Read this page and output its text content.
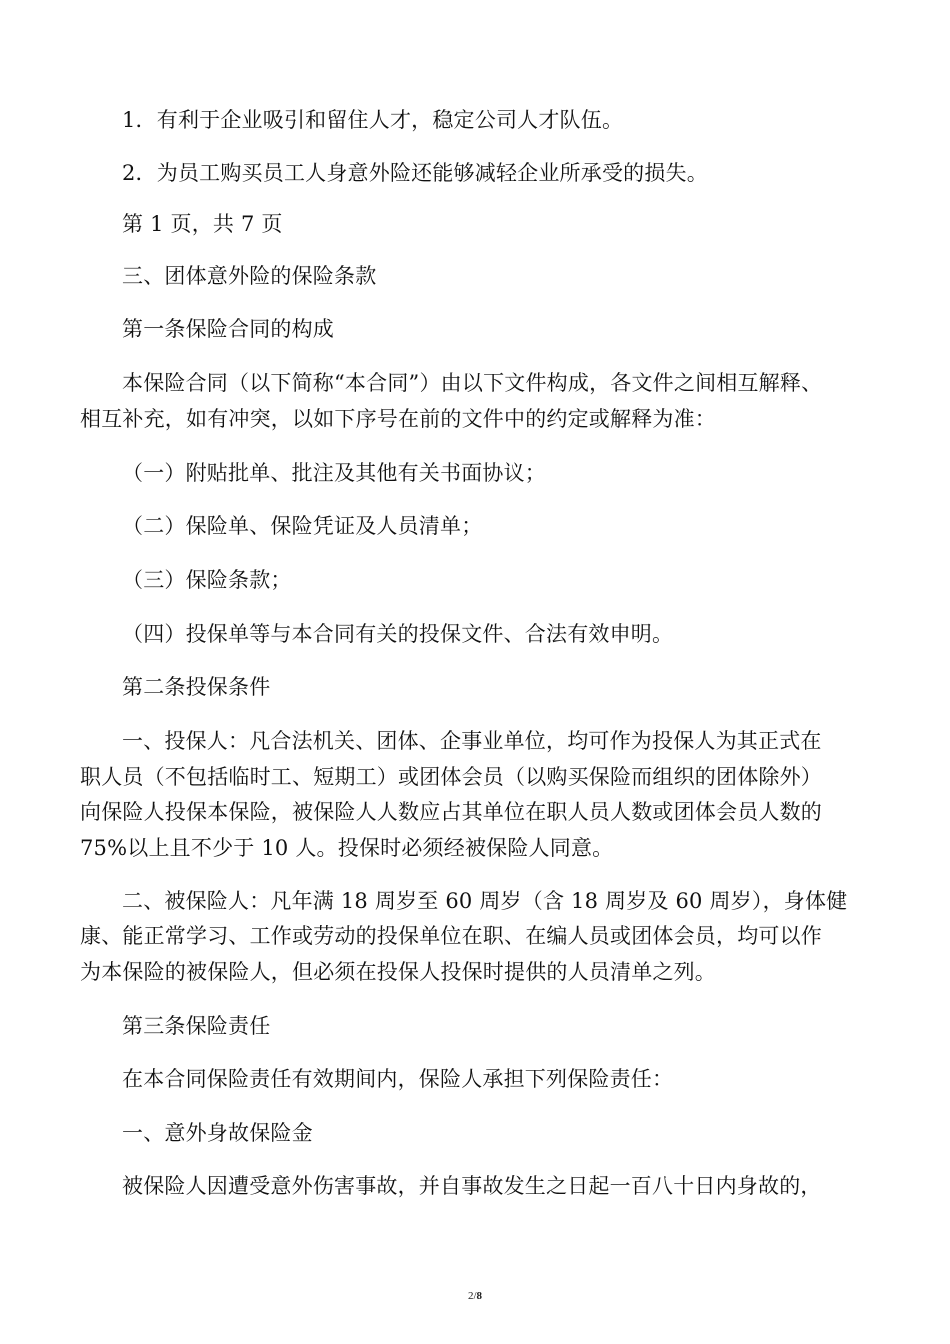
1．有利于企业吸引和留住人才，稳定公司人才队伍。
2．为员工购买员工人身意外险还能够减轻企业所承受的损失。
第 1 页，共 7 页
三、团体意外险的保险条款
第一条保险合同的构成
本保险合同（以下简称“本合同”）由以下文件构成，各文件之间相互解释、
相互补充，如有冲突，以如下序号在前的文件中的约定或解释为准：
（一）附贴批单、批注及其他有关书面协议；
（二）保险单、保险凭证及人员清单；
（三）保险条款；
（四）投保单等与本合同有关的投保文件、合法有效申明。
第二条投保条件
一、投保人：凡合法机关、团体、企事业单位，均可作为投保人为其正式在
职人员（不包括临时工、短期工）或团体会员（以购买保险而组织的团体除外）
向保险人投保本保险，被保险人人数应占其单位在职人员人数或团体会员人数的
75%以上且不少于 10 人。投保时必须经被保险人同意。
二、被保险人：凡年满 18 周岁至 60 周岁（含 18 周岁及 60 周岁），身体健
康、能正常学习、工作或劳动的投保单位在职、在编人员或团体会员，均可以作
为本保险的被保险人，但必须在投保人投保时提供的人员清单之列。
第三条保险责任
在本合同保险责任有效期间内，保险人承担下列保险责任：
一、意外身故保险金
被保险人因遭受意外伤害事故，并自事故发生之日起一百八十日内身故的，
2/8
